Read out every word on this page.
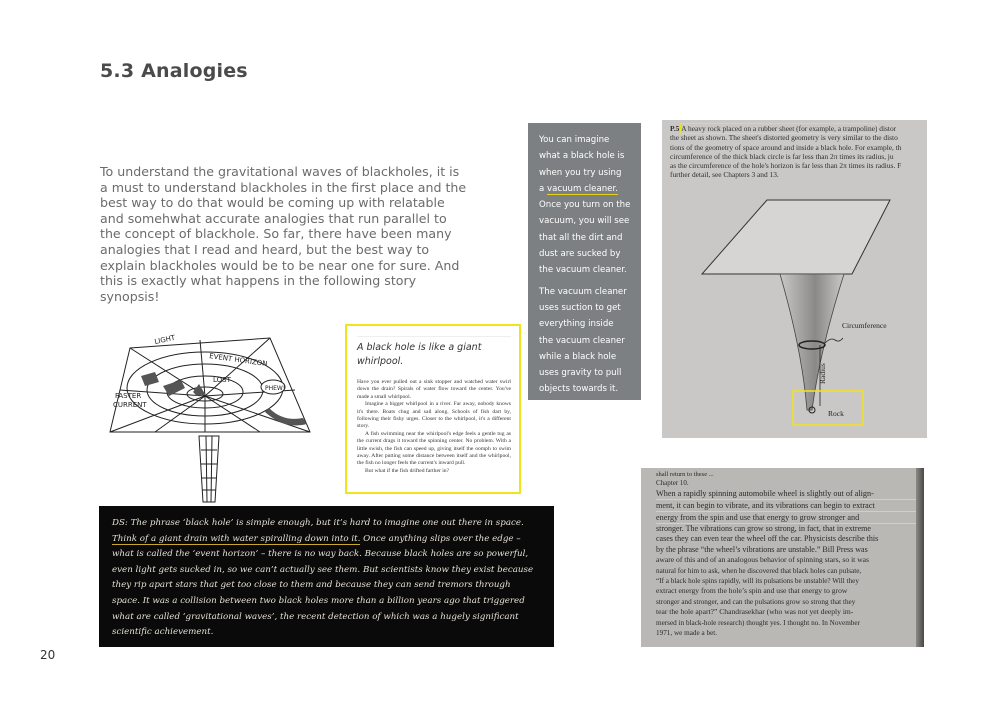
5.3 Analogies

To understand the gravitational waves of blackholes, it is a must to understand blackholes in the first place and the best way to do that would be coming up with relatable and somehwhat accurate analogies that run parallel to the concept of blackhole. So far, there have been many analogies that I read and heard, but the best way to explain blackholes would be to be near one for sure. And this is exactly what happens in the following story synopsis!

PHEW!
LIGHT
EVENT HORIZON
LOST
FASTER
CURRENT
A black hole is like a giant whirlpool.

Have you ever pulled out a sink stopper and watched water swirl down the drain? Spirals of water flow toward the center. You've made a small whirlpool.

Imagine a bigger whirlpool in a river. Far away, nobody knows it's there. Boats chug and sail along. Schools of fish dart by, following their fishy urges. Closer to the whirlpool, it's a different story.

A fish swimming near the whirlpool's edge feels a gentle tug as the current drags it toward the spinning center. No problem. With a little swish, the fish can speed up, giving itself the oomph to swim away. After putting some distance between itself and the whirlpool, the fish no longer feels the current's inward pull.

But what if the fish drifted farther in?

You can imagine
what a black hole is
when you try using
a vacuum cleaner.
Once you turn on the
vacuum, you will see
that all the dirt and
dust are sucked by
the vacuum cleaner.
The vacuum cleaner
uses suction to get
everything inside
the vacuum cleaner
while a black hole
uses gravity to pull
objects towards it.
DS: The phrase ‘black hole’ is simple enough, but it’s hard to imagine one out there in space.
Think of a giant drain with water spiralling down into it. Once anything slips over the edge –
what is called the ‘event horizon’ – there is no way back. Because black holes are so powerful,
even light gets sucked in, so we can’t actually see them. But scientists know they exist because
they rip apart stars that get too close to them and because they can send tremors through
space. It was a collision between two black holes more than a billion years ago that triggered
what are called ‘gravitational waves’, the recent detection of which was a hugely significant
scientific achievement.
P.5 A heavy rock placed on a rubber sheet (for example, a trampoline) distor
the sheet as shown. The sheet's distorted geometry is very similar to the disto
tions of the geometry of space around and inside a black hole. For example, th
circumference of the thick black circle is far less than 2π times its radius, ju
as the circumference of the hole's horizon is far less than 2π times its radius. F
further detail, see Chapters 3 and 13.
Circumference
Radius
Rock
shall return to these ...
Chapter 10.
When a rapidly spinning automobile wheel is slightly out of align-
ment, it can begin to vibrate, and its vibrations can begin to extract
energy from the spin and use that energy to grow stronger and
stronger. The vibrations can grow so strong, in fact, that in extreme
cases they can even tear the wheel off the car. Physicists describe this
by the phrase “the wheel’s vibrations are unstable.” Bill Press was
aware of this and of an analogous behavior of spinning stars, so it was
natural for him to ask, when he discovered that black holes can pulsate,
“If a black hole spins rapidly, will its pulsations be unstable? Will they
extract energy from the hole’s spin and use that energy to grow
stronger and stronger, and can the pulsations grow so strong that they
tear the hole apart?” Chandrasekhar (who was not yet deeply im-
mersed in black-hole research) thought yes. I thought no. In November
1971, we made a bet.
20
